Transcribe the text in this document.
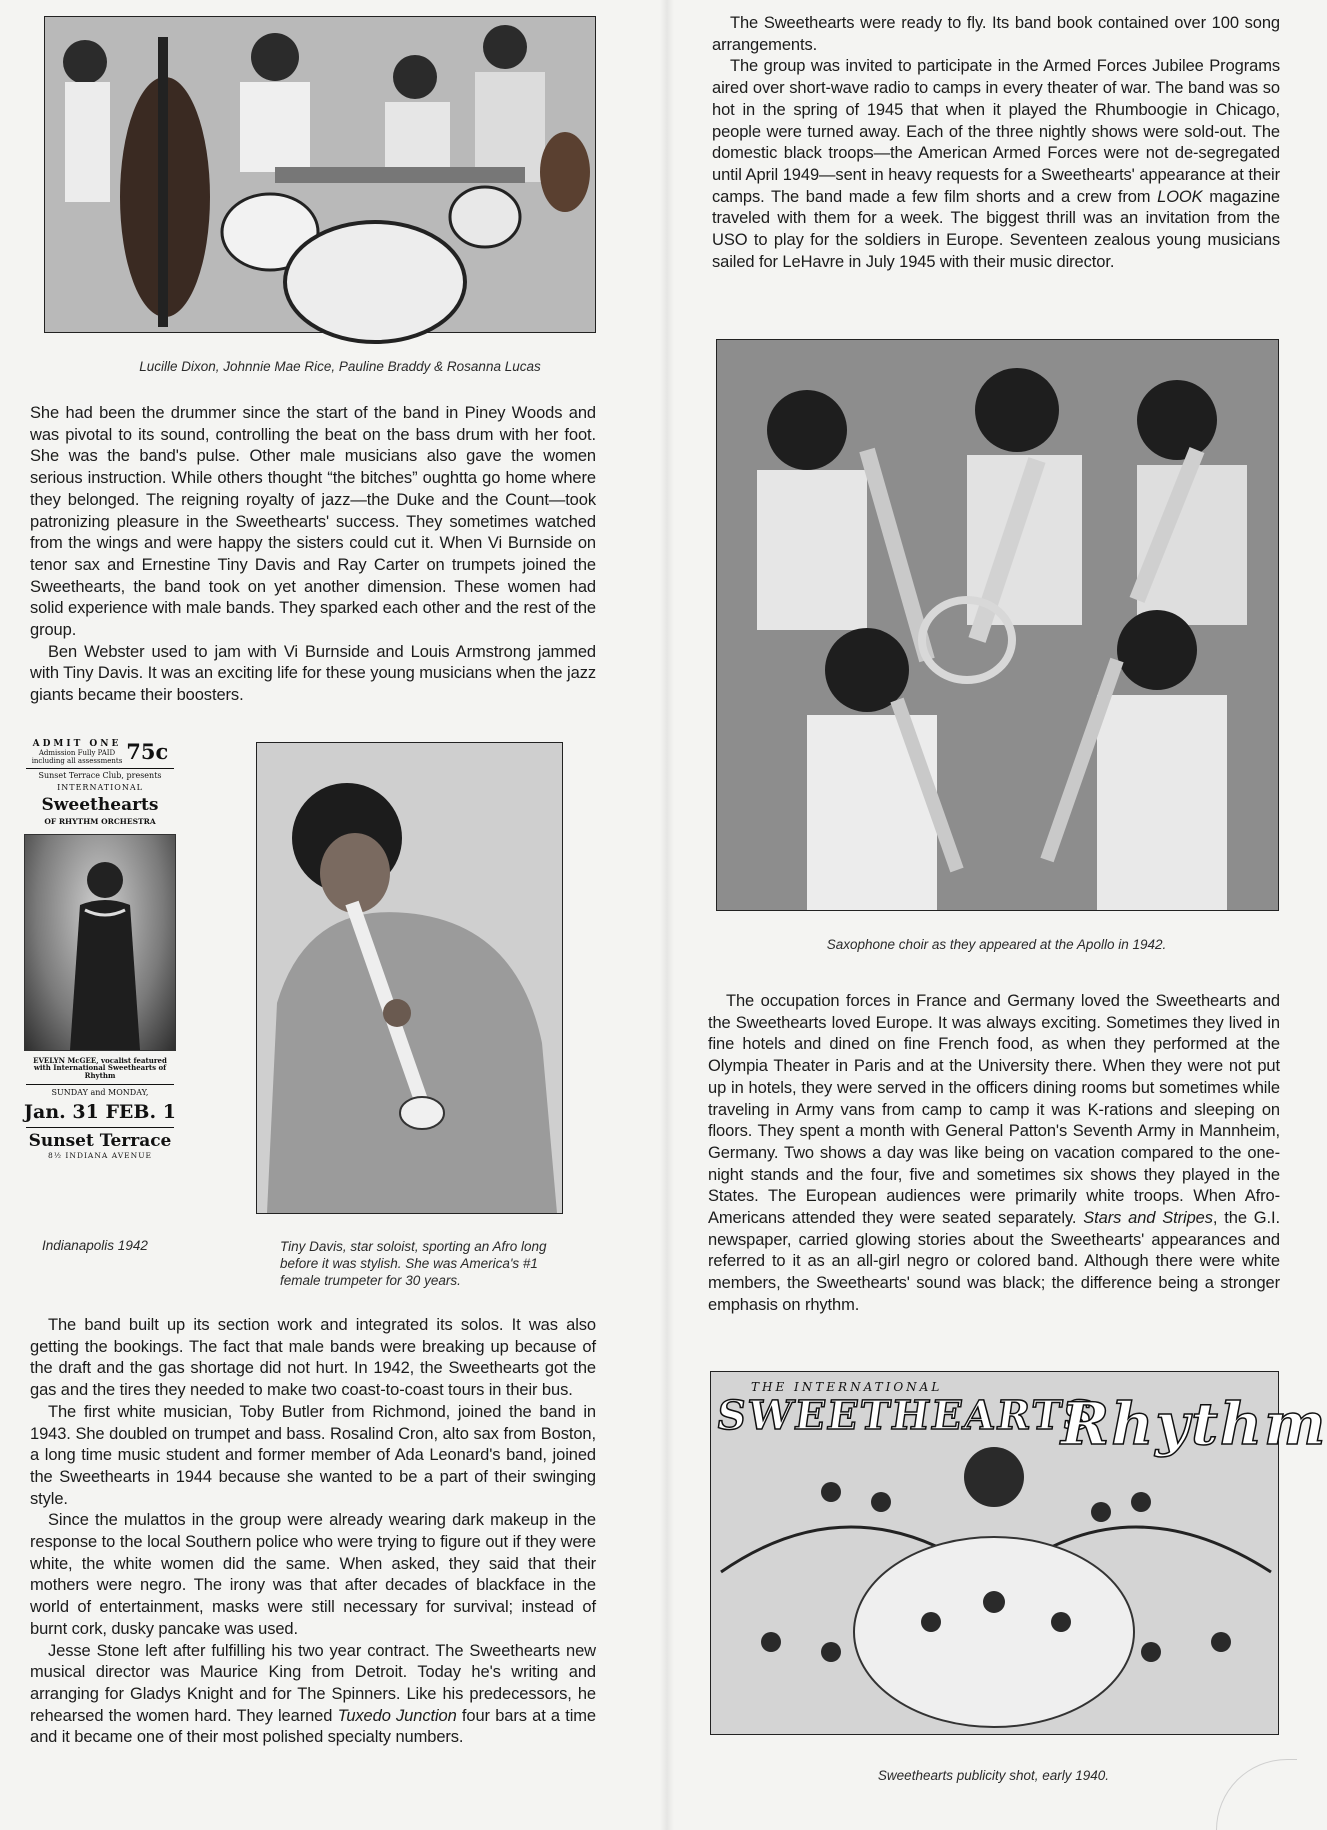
Lucille Dixon, Johnnie Mae Rice, Pauline Braddy & Rosanna Lucas

She had been the drummer since the start of the band in Piney Woods and was pivotal to its sound, controlling the beat on the bass drum with her foot. She was the band's pulse. Other male musicians also gave the women serious instruction. While others thought “the bitches” oughtta go home where they belonged. The reigning royalty of jazz—the Duke and the Count—took patronizing pleasure in the Sweethearts' success. They sometimes watched from the wings and were happy the sisters could cut it. When Vi Burnside on tenor sax and Ernestine Tiny Davis and Ray Carter on trumpets joined the Sweethearts, the band took on yet another dimension. These women had solid experience with male bands. They sparked each other and the rest of the group.

Ben Webster used to jam with Vi Burnside and Louis Armstrong jammed with Tiny Davis. It was an exciting life for these young musicians when the jazz giants became their boosters.

ADMIT ONE
Admission Fully PAID
including all assessments 75c
Sunset Terrace Club, presents
INTERNATIONAL
Sweethearts
OF RHYTHM ORCHESTRA
EVELYN McGEE, vocalist featured with International Sweethearts of Rhythm
SUNDAY and MONDAY,
Jan. 31 FEB. 1
Sunset Terrace
8½ INDIANA AVENUE
Indianapolis 1942	Tiny Davis, star soloist, sporting an Afro long before it was stylish. She was America's #1 female trumpeter for 30 years.

The band built up its section work and integrated its solos. It was also getting the bookings. The fact that male bands were breaking up because of the draft and the gas shortage did not hurt. In 1942, the Sweethearts got the gas and the tires they needed to make two coast-to-coast tours in their bus.

The first white musician, Toby Butler from Richmond, joined the band in 1943. She doubled on trumpet and bass. Rosalind Cron, alto sax from Boston, a long time music student and former member of Ada Leonard's band, joined the Sweethearts in 1944 because she wanted to be a part of their swinging style.

Since the mulattos in the group were already wearing dark makeup in the response to the local Southern police who were trying to figure out if they were white, the white women did the same. When asked, they said that their mothers were negro. The irony was that after decades of blackface in the world of entertainment, masks were still necessary for survival; instead of burnt cork, dusky pancake was used.

Jesse Stone left after fulfilling his two year contract. The Sweethearts new musical director was Maurice King from Detroit. Today he's writing and arranging for Gladys Knight and for The Spinners. Like his predecessors, he rehearsed the women hard. They learned Tuxedo Junction four bars at a time and it became one of their most polished specialty numbers.

The Sweethearts were ready to fly. Its band book contained over 100 song arrangements.

The group was invited to participate in the Armed Forces Jubilee Programs aired over short-wave radio to camps in every theater of war. The band was so hot in the spring of 1945 that when it played the Rhumboogie in Chicago, people were turned away. Each of the three nightly shows were sold-out. The domestic black troops—the American Armed Forces were not de-segregated until April 1949—sent in heavy requests for a Sweethearts' appearance at their camps. The band made a few film shorts and a crew from LOOK magazine traveled with them for a week. The biggest thrill was an invitation from the USO to play for the soldiers in Europe. Seventeen zealous young musicians sailed for LeHavre in July 1945 with their music director.

Saxophone choir as they appeared at the Apollo in 1942.

The occupation forces in France and Germany loved the Sweethearts and the Sweethearts loved Europe. It was always exciting. Sometimes they lived in fine hotels and dined on fine French food, as when they performed at the Olympia Theater in Paris and at the University there. When they were not put up in hotels, they were served in the officers dining rooms but sometimes while traveling in Army vans from camp to camp it was K-rations and sleeping on floors. They spent a month with General Patton's Seventh Army in Mannheim, Germany. Two shows a day was like being on vacation compared to the one-night stands and the four, five and sometimes six shows they played in the States. The European audiences were primarily white troops. When Afro-Americans attended they were seated separately. Stars and Stripes, the G.I. newspaper, carried glowing stories about the Sweethearts' appearances and referred to it as an all-girl negro or colored band. Although there were white members, the Sweethearts' sound was black; the difference being a stronger emphasis on rhythm.

THE INTERNATIONAL
SWEETHEARTS
Rhythm
Sweethearts publicity shot, early 1940.
